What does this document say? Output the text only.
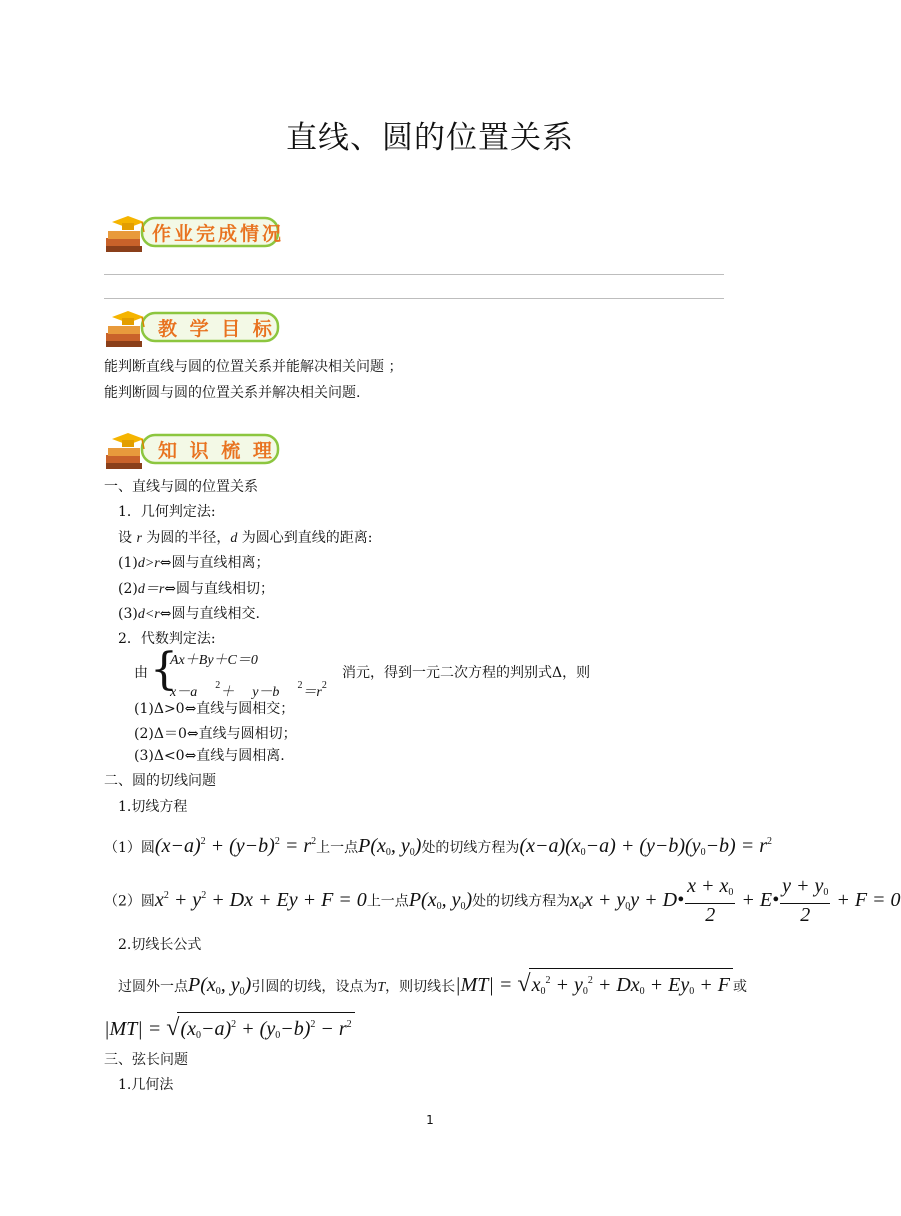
直线、圆的位置关系
作业完成情况
教 学 目 标
能判断直线与圆的位置关系并能解决相关问题 ；
能判断圆与圆的位置关系并解决相关问题.
知 识 梳 理
一、直线与圆的位置关系
1．几何判定法:
设 r 为圆的半径，d 为圆心到直线的距离:
(1)d>r⇔圆与直线相离；
(2)d＝r⇔圆与直线相切；
(3)d<r⇔圆与直线相交.
2．代数判定法:
由 {
Ax＋By＋C＝0
x－a $^2$＋ y－b $^2=r^2$
消元，得到一元二次方程的判别式Δ，则
(1)Δ>0⇔直线与圆相交；
(2)Δ＝0⇔直线与圆相切；
(3)Δ<0⇔直线与圆相离.
二、圆的切线问题
1.切线方程
（1）圆$(x-a)^2 + (y-b)^2 = r^2$上一点$P(x_0$, $y_0$)处的切线方程为$(x-a)(x_0-a) + (y-b)(y_0-b) = r^2$
（2）圆$x^2 + y^2 + Dx + Ey + F = 0$上一点$P(x_0$, $y_0$)处的切线方程为$x_0x + y_0y$ + D• $\frac{x + x_0}{2}$ + E• $\frac{y + y_0}{2} + F = 0$
2.切线长公式
过圆外一点$P(x_0$, $y_0$)引圆的切线，设点为T，则切线长$|MT| = √x_0^2 + y_0^2 + Dx_0 + Ey_0 + F$ 或
$|MT| = √(x_0-a)^2 + (y_0-b)^2 - r^2$
三、弦长问题
1.几何法
1
